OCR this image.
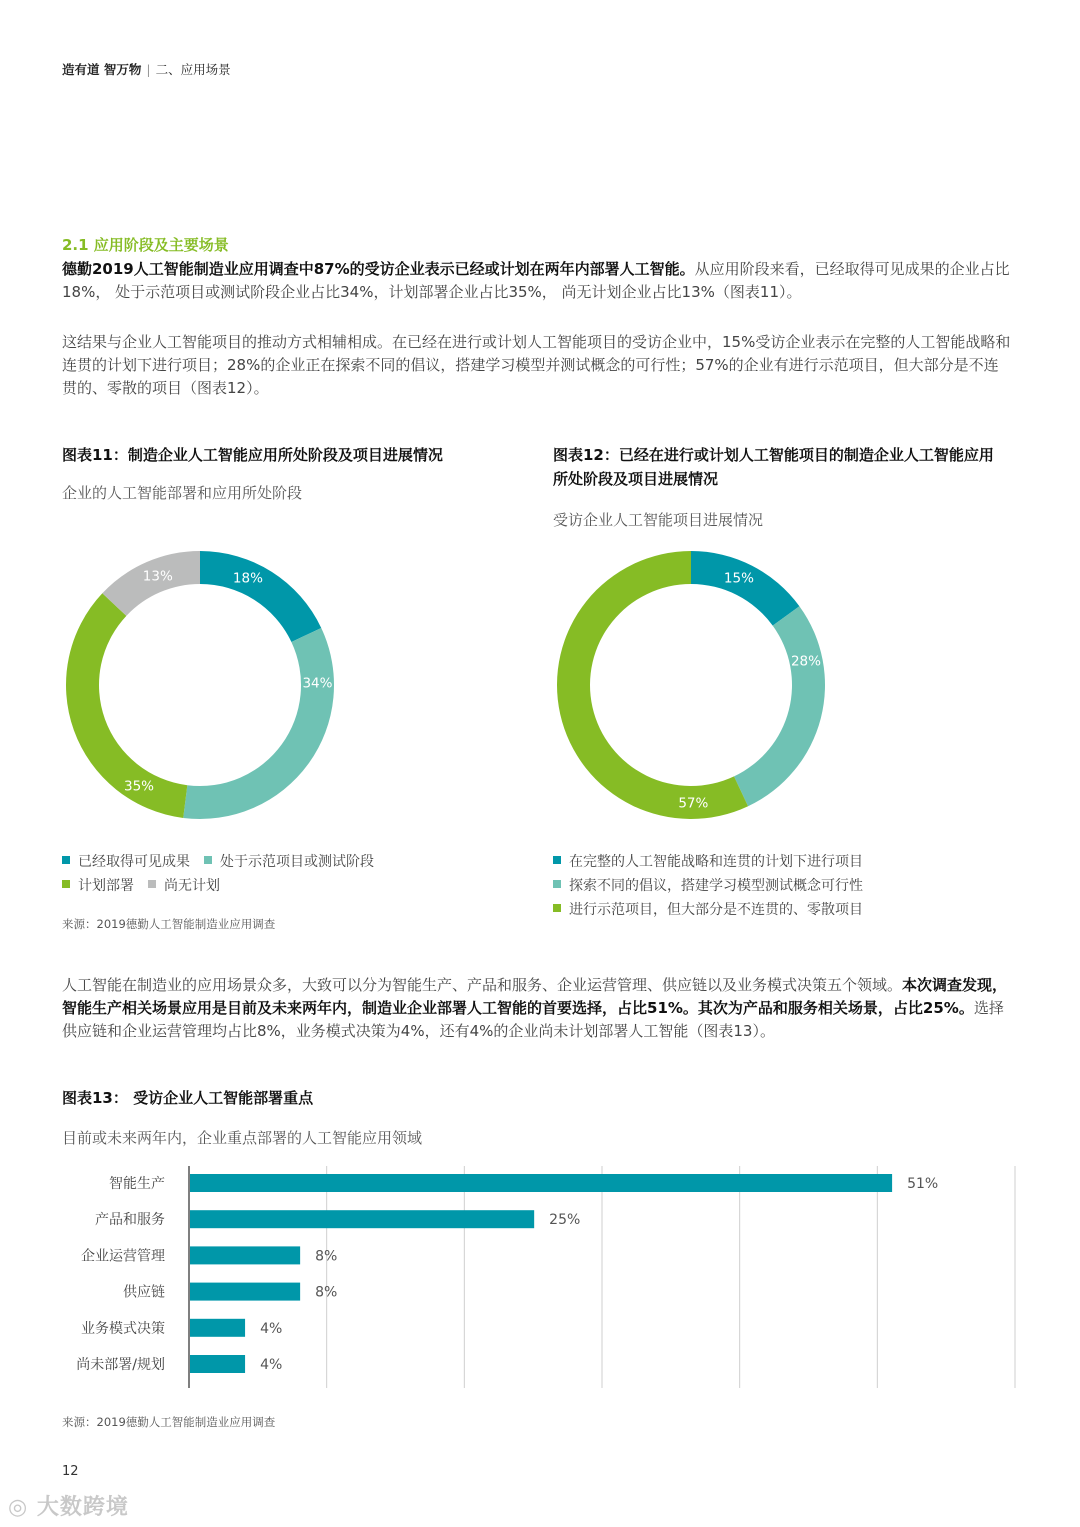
造有道 智万物 | 二、应用场景
2.1 应用阶段及主要场景
德勤2019人工智能制造业应用调查中87%的受访企业表示已经或计划在两年内部署人工智能。从应用阶段来看，已经取得可见成果的企业占比18%， 处于示范项目或测试阶段企业占比34%，计划部署企业占比35%， 尚无计划企业占比13%（图表11）。
这结果与企业人工智能项目的推动方式相辅相成。在已经在进行或计划人工智能项目的受访企业中，15%受访企业表示在完整的人工智能战略和连贯的计划下进行项目；28%的企业正在探索不同的倡议，搭建学习模型并测试概念的可行性；57%的企业有进行示范项目，但大部分是不连贯的、零散的项目（图表12）。
图表11：制造企业人工智能应用所处阶段及项目进展情况
企业的人工智能部署和应用所处阶段
18%
34%
35%
13%
已经取得可见成果 处于示范项目或测试阶段
计划部署 尚无计划
来源：2019德勤人工智能制造业应用调查
图表12：已经在进行或计划人工智能项目的制造企业人工智能应用所处阶段及项目进展情况
受访企业人工智能项目进展情况
15%
28%
57%
在完整的人工智能战略和连贯的计划下进行项目
探索不同的倡议，搭建学习模型测试概念可行性
进行示范项目，但大部分是不连贯的、零散项目
人工智能在制造业的应用场景众多，大致可以分为智能生产、产品和服务、企业运营管理、供应链以及业务模式决策五个领域。本次调查发现，智能生产相关场景应用是目前及未来两年内，制造业企业部署人工智能的首要选择，占比51%。其次为产品和服务相关场景，占比25%。选择供应链和企业运营管理均占比8%，业务模式决策为4%，还有4%的企业尚未计划部署人工智能（图表13）。
图表13： 受访企业人工智能部署重点
目前或未来两年内，企业重点部署的人工智能应用领域
智能生产	51%
产品和服务	25%
企业运营管理	8%
供应链	8%
业务模式决策	4%
尚未部署/规划	4%
来源：2019德勤人工智能制造业应用调查
12
◎ 大数跨境
